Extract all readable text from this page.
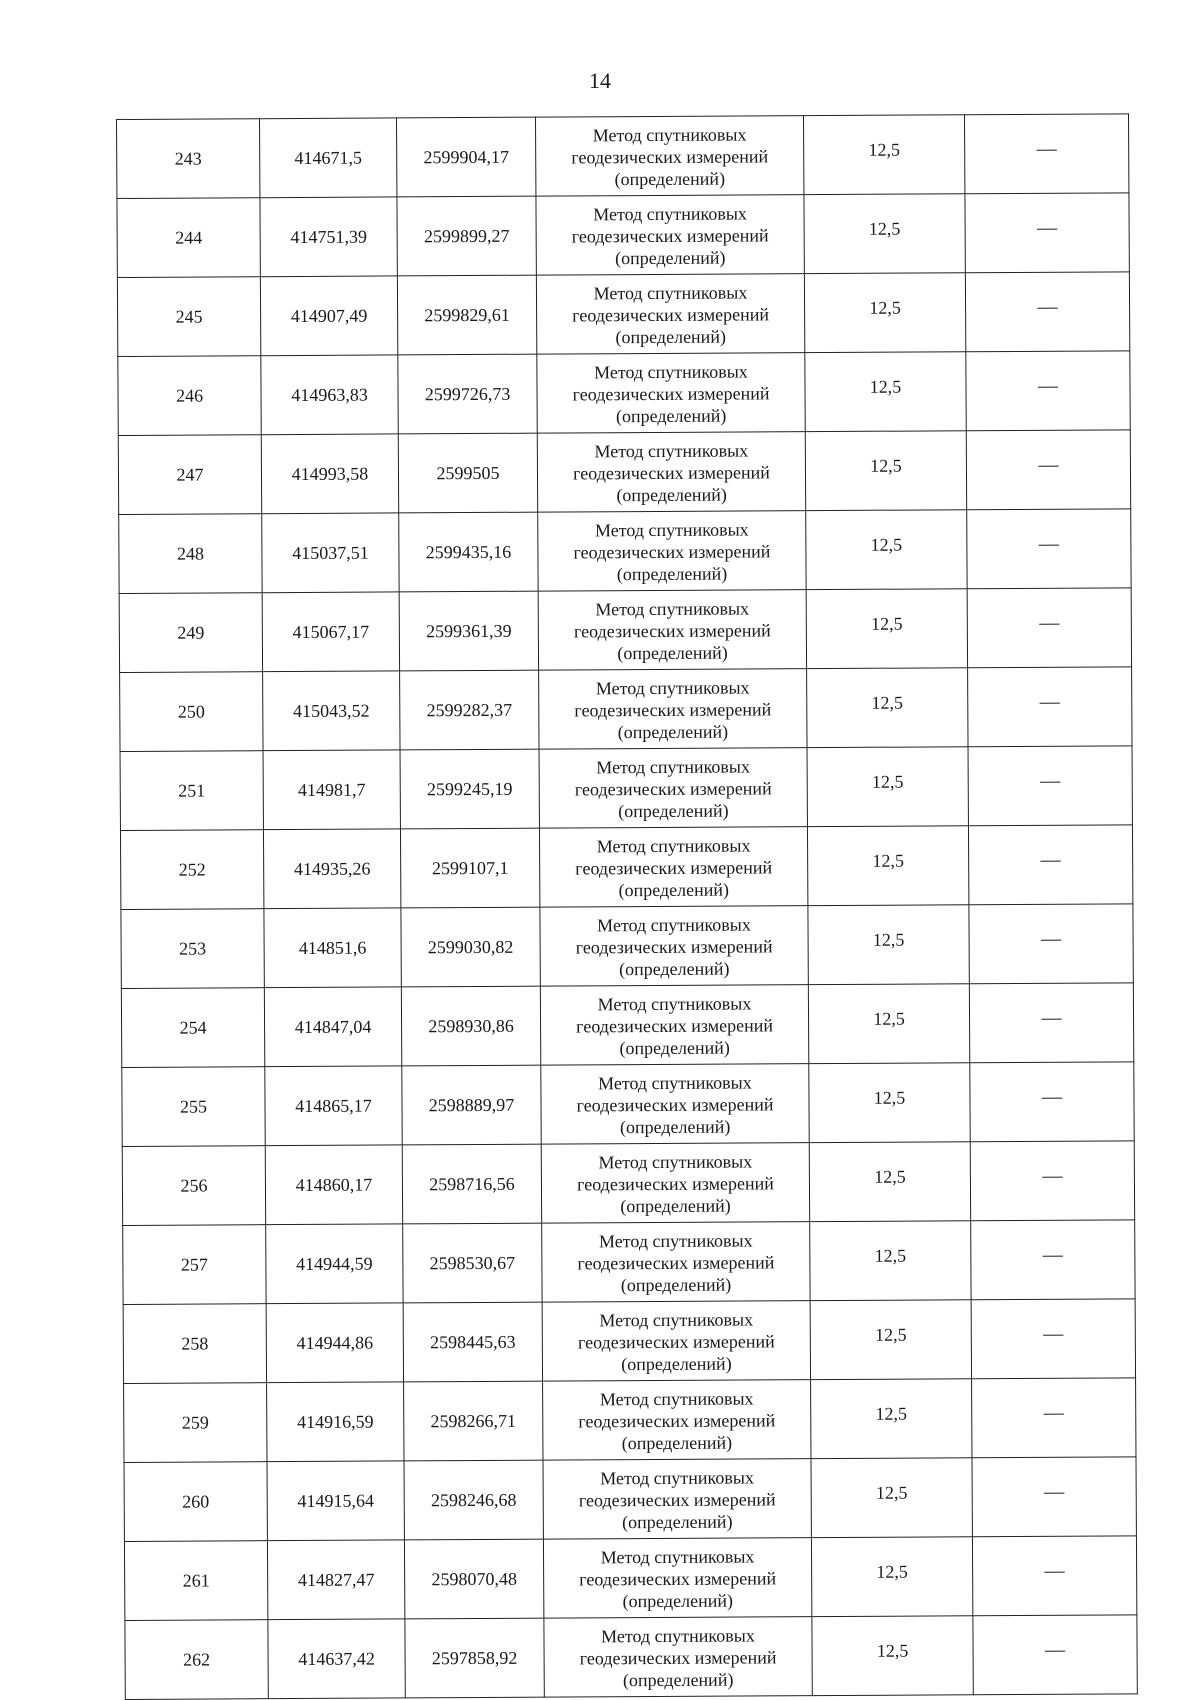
14
243	414671,5	2599904,17	Метод спутниковых
геодезических измерений
(определений)	12,5	—
244	414751,39	2599899,27	Метод спутниковых
геодезических измерений
(определений)	12,5	—
245	414907,49	2599829,61	Метод спутниковых
геодезических измерений
(определений)	12,5	—
246	414963,83	2599726,73	Метод спутниковых
геодезических измерений
(определений)	12,5	—
247	414993,58	2599505	Метод спутниковых
геодезических измерений
(определений)	12,5	—
248	415037,51	2599435,16	Метод спутниковых
геодезических измерений
(определений)	12,5	—
249	415067,17	2599361,39	Метод спутниковых
геодезических измерений
(определений)	12,5	—
250	415043,52	2599282,37	Метод спутниковых
геодезических измерений
(определений)	12,5	—
251	414981,7	2599245,19	Метод спутниковых
геодезических измерений
(определений)	12,5	—
252	414935,26	2599107,1	Метод спутниковых
геодезических измерений
(определений)	12,5	—
253	414851,6	2599030,82	Метод спутниковых
геодезических измерений
(определений)	12,5	—
254	414847,04	2598930,86	Метод спутниковых
геодезических измерений
(определений)	12,5	—
255	414865,17	2598889,97	Метод спутниковых
геодезических измерений
(определений)	12,5	—
256	414860,17	2598716,56	Метод спутниковых
геодезических измерений
(определений)	12,5	—
257	414944,59	2598530,67	Метод спутниковых
геодезических измерений
(определений)	12,5	—
258	414944,86	2598445,63	Метод спутниковых
геодезических измерений
(определений)	12,5	—
259	414916,59	2598266,71	Метод спутниковых
геодезических измерений
(определений)	12,5	—
260	414915,64	2598246,68	Метод спутниковых
геодезических измерений
(определений)	12,5	—
261	414827,47	2598070,48	Метод спутниковых
геодезических измерений
(определений)	12,5	—
262	414637,42	2597858,92	Метод спутниковых
геодезических измерений
(определений)	12,5	—
